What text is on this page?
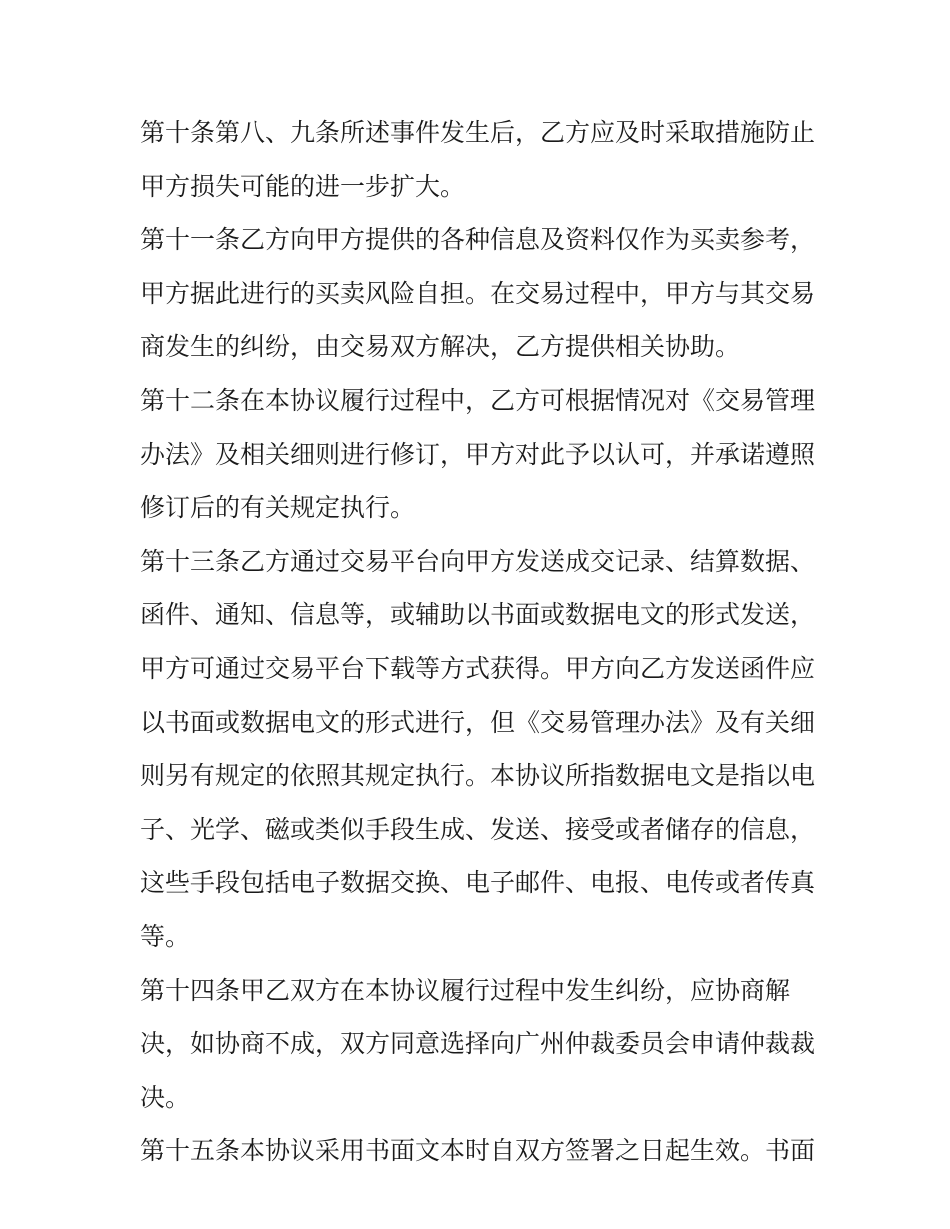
第十条第八、九条所述事件发生后，乙方应及时采取措施防止
甲方损失可能的进一步扩大。
第十一条乙方向甲方提供的各种信息及资料仅作为买卖参考，
甲方据此进行的买卖风险自担。在交易过程中，甲方与其交易
商发生的纠纷，由交易双方解决，乙方提供相关协助。
第十二条在本协议履行过程中，乙方可根据情况对《交易管理
办法》及相关细则进行修订，甲方对此予以认可，并承诺遵照
修订后的有关规定执行。
第十三条乙方通过交易平台向甲方发送成交记录、结算数据、
函件、通知、信息等，或辅助以书面或数据电文的形式发送，
甲方可通过交易平台下载等方式获得。甲方向乙方发送函件应
以书面或数据电文的形式进行，但《交易管理办法》及有关细
则另有规定的依照其规定执行。本协议所指数据电文是指以电
子、光学、磁或类似手段生成、发送、接受或者储存的信息，
这些手段包括电子数据交换、电子邮件、电报、电传或者传真
等。
第十四条甲乙双方在本协议履行过程中发生纠纷，应协商解
决，如协商不成，双方同意选择向广州仲裁委员会申请仲裁裁
决。
第十五条本协议采用书面文本时自双方签署之日起生效。书面
